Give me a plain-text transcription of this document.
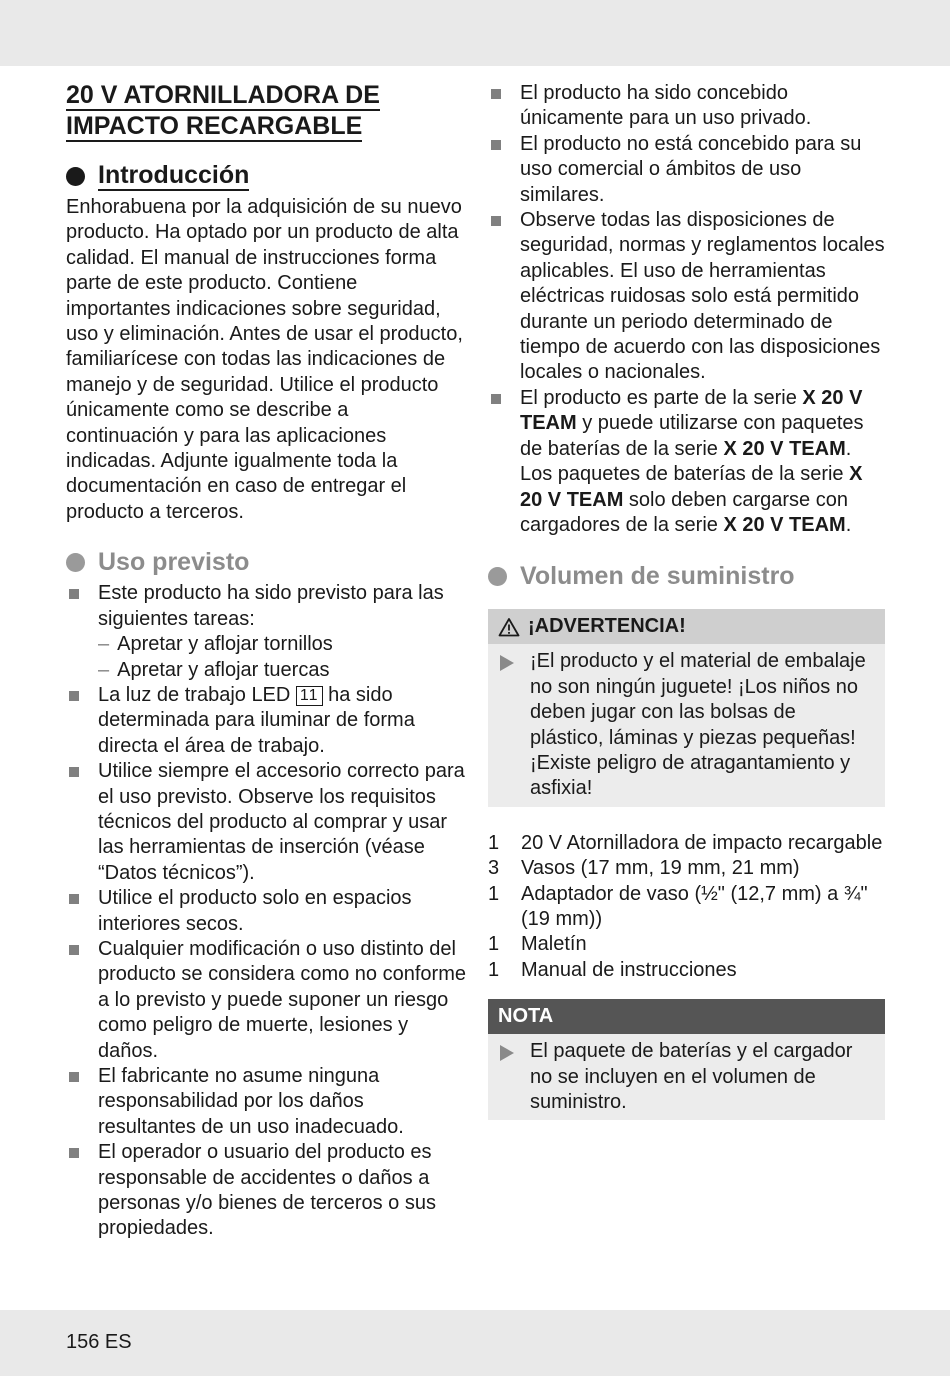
20 V ATORNILLADORA DE
IMPACTO RECARGABLE
Introducción

Enhorabuena por la adquisición de su nuevo producto. Ha optado por un producto de alta calidad. El manual de instrucciones forma parte de este producto. Contiene importantes indicaciones sobre seguridad, uso y eliminación. Antes de usar el producto, familiarícese con todas las indicaciones de manejo y de seguridad. Utilice el producto únicamente como se describe a continuación y para las aplicaciones indicadas. Adjunte igualmente toda la documentación en caso de entregar el producto a terceros.

Uso previsto
Este producto ha sido previsto para las siguientes tareas:
– Apretar y aflojar tornillos
– Apretar y aflojar tuercas
La luz de trabajo LED 11 ha sido determinada para iluminar de forma directa el área de trabajo.
Utilice siempre el accesorio correcto para el uso previsto. Observe los requisitos técnicos del producto al comprar y usar las herramientas de inserción (véase “Datos técnicos”).
Utilice el producto solo en espacios interiores secos.
Cualquier modificación o uso distinto del producto se considera como no conforme a lo previsto y puede suponer un riesgo como peligro de muerte, lesiones y daños.
El fabricante no asume ninguna responsabilidad por los daños resultantes de un uso inadecuado.
El operador o usuario del producto es responsable de accidentes o daños a personas y/o bienes de terceros o sus propiedades.
El producto ha sido concebido únicamente para un uso privado.
El producto no está concebido para su uso comercial o ámbitos de uso similares.
Observe todas las disposiciones de seguridad, normas y reglamentos locales aplicables. El uso de herramientas eléctricas ruidosas solo está permitido durante un periodo determinado de tiempo de acuerdo con las disposiciones locales o nacionales.
El producto es parte de la serie X 20 V TEAM y puede utilizarse con paquetes de baterías de la serie X 20 V TEAM. Los paquetes de baterías de la serie X 20 V TEAM solo deben cargarse con cargadores de la serie X 20 V TEAM.
Volumen de suministro
¡ADVERTENCIA!
¡El producto y el material de embalaje no son ningún juguete! ¡Los niños no deben jugar con las bolsas de plástico, láminas y piezas pequeñas! ¡Existe peligro de atragantamiento y asfixia!
1 20 V Atornilladora de impacto recargable
3 Vasos (17 mm, 19 mm, 21 mm)
1 Adaptador de vaso (½" (12,7 mm) a ¾" (19 mm))
1 Maletín
1 Manual de instrucciones
NOTA
El paquete de baterías y el cargador no se incluyen en el volumen de suministro.
156 ES
